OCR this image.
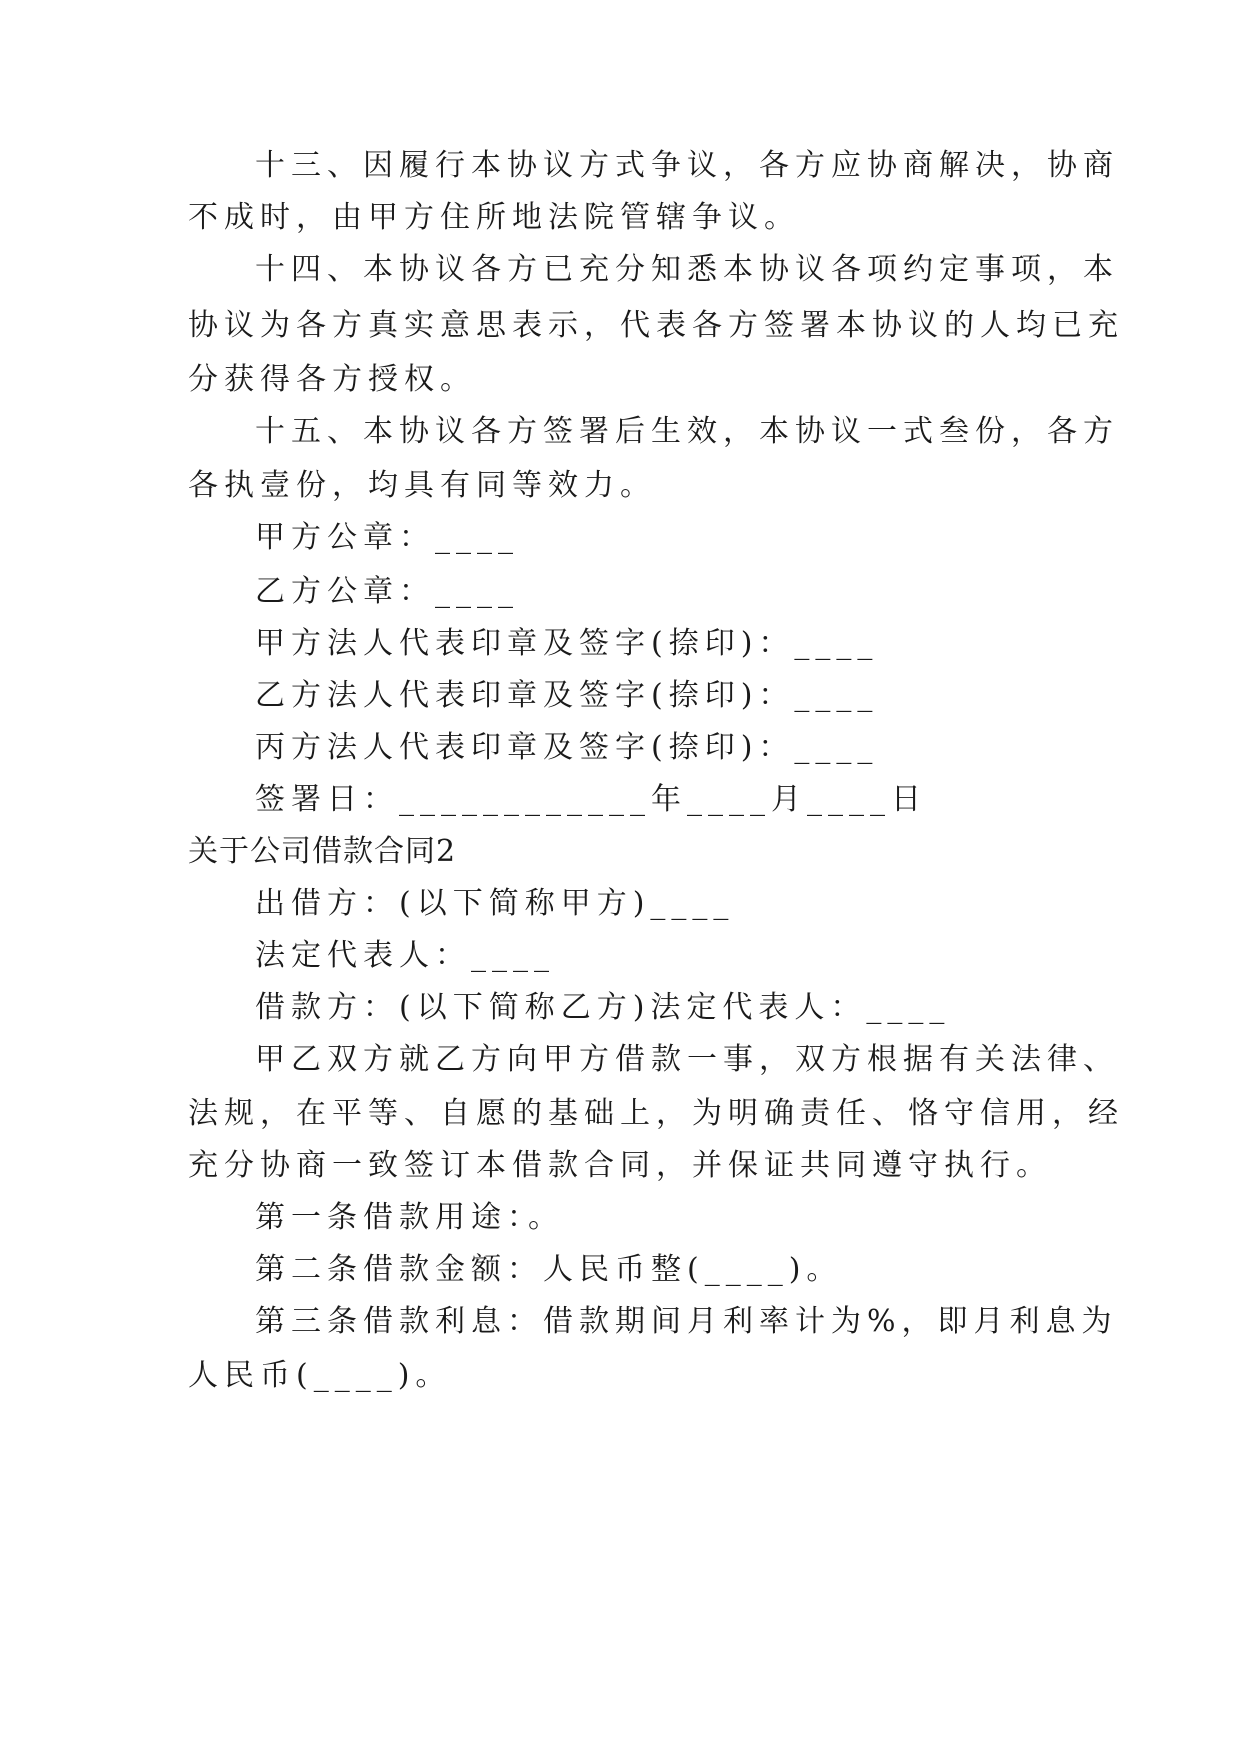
十三、因履行本协议方式争议，各方应协商解决，协商
不成时，由甲方住所地法院管辖争议。
十四、本协议各方已充分知悉本协议各项约定事项，本
协议为各方真实意思表示，代表各方签署本协议的人均已充
分获得各方授权。
十五、本协议各方签署后生效，本协议一式叁份，各方
各执壹份，均具有同等效力。
甲方公章：____
乙方公章：____
甲方法人代表印章及签字(捺印)：____
乙方法人代表印章及签字(捺印)：____
丙方法人代表印章及签字(捺印)：____
签署日：____________年____月____日
关于公司借款合同2
出借方：(以下简称甲方)____
法定代表人：____
借款方：(以下简称乙方)法定代表人：____
甲乙双方就乙方向甲方借款一事，双方根据有关法律、
法规，在平等、自愿的基础上，为明确责任、恪守信用，经
充分协商一致签订本借款合同，并保证共同遵守执行。
第一条借款用途：。
第二条借款金额：人民币整(____)。
第三条借款利息：借款期间月利率计为%，即月利息为
人民币(____)。
